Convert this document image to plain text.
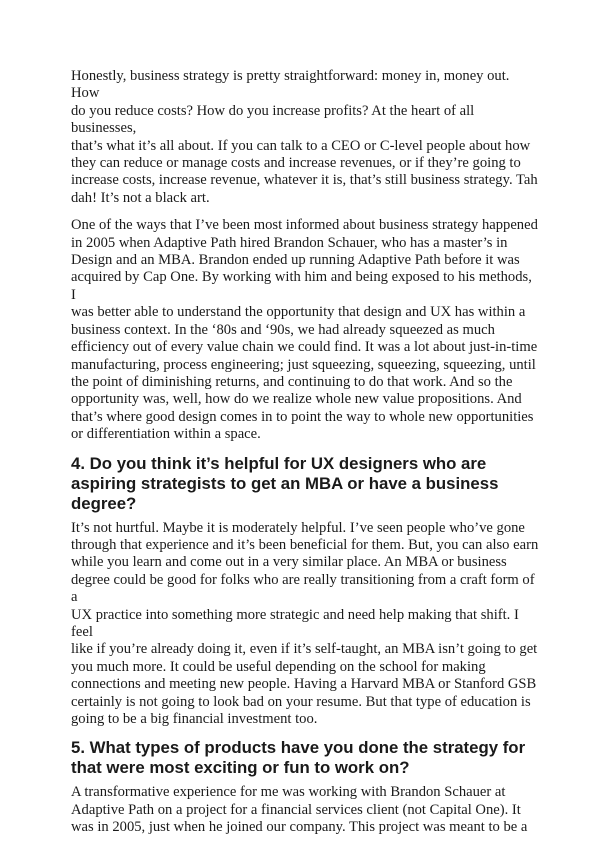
Honestly, business strategy is pretty straightforward: money in, money out. How
do you reduce costs? How do you increase profits? At the heart of all businesses,
that’s what it’s all about. If you can talk to a CEO or C-level people about how
they can reduce or manage costs and increase revenues, or if they’re going to
increase costs, increase revenue, whatever it is, that’s still business strategy. Tah
dah! It’s not a black art.

One of the ways that I’ve been most informed about business strategy happened
in 2005 when Adaptive Path hired Brandon Schauer, who has a master’s in
Design and an MBA. Brandon ended up running Adaptive Path before it was
acquired by Cap One. By working with him and being exposed to his methods, I
was better able to understand the opportunity that design and UX has within a
business context. In the ‘80s and ‘90s, we had already squeezed as much
efficiency out of every value chain we could find. It was a lot about just-in-time
manufacturing, process engineering; just squeezing, squeezing, squeezing, until
the point of diminishing returns, and continuing to do that work. And so the
opportunity was, well, how do we realize whole new value propositions. And
that’s where good design comes in to point the way to whole new opportunities
or differentiation within a space.

4. Do you think it’s helpful for UX designers who are
aspiring strategists to get an MBA or have a business
degree?

It’s not hurtful. Maybe it is moderately helpful. I’ve seen people who’ve gone
through that experience and it’s been beneficial for them. But, you can also earn
while you learn and come out in a very similar place. An MBA or business
degree could be good for folks who are really transitioning from a craft form of a
UX practice into something more strategic and need help making that shift. I feel
like if you’re already doing it, even if it’s self-taught, an MBA isn’t going to get
you much more. It could be useful depending on the school for making
connections and meeting new people. Having a Harvard MBA or Stanford GSB
certainly is not going to look bad on your resume. But that type of education is
going to be a big financial investment too.

5. What types of products have you done the strategy for
that were most exciting or fun to work on?

A transformative experience for me was working with Brandon Schauer at
Adaptive Path on a project for a financial services client (not Capital One). It
was in 2005, just when he joined our company. This project was meant to be a
